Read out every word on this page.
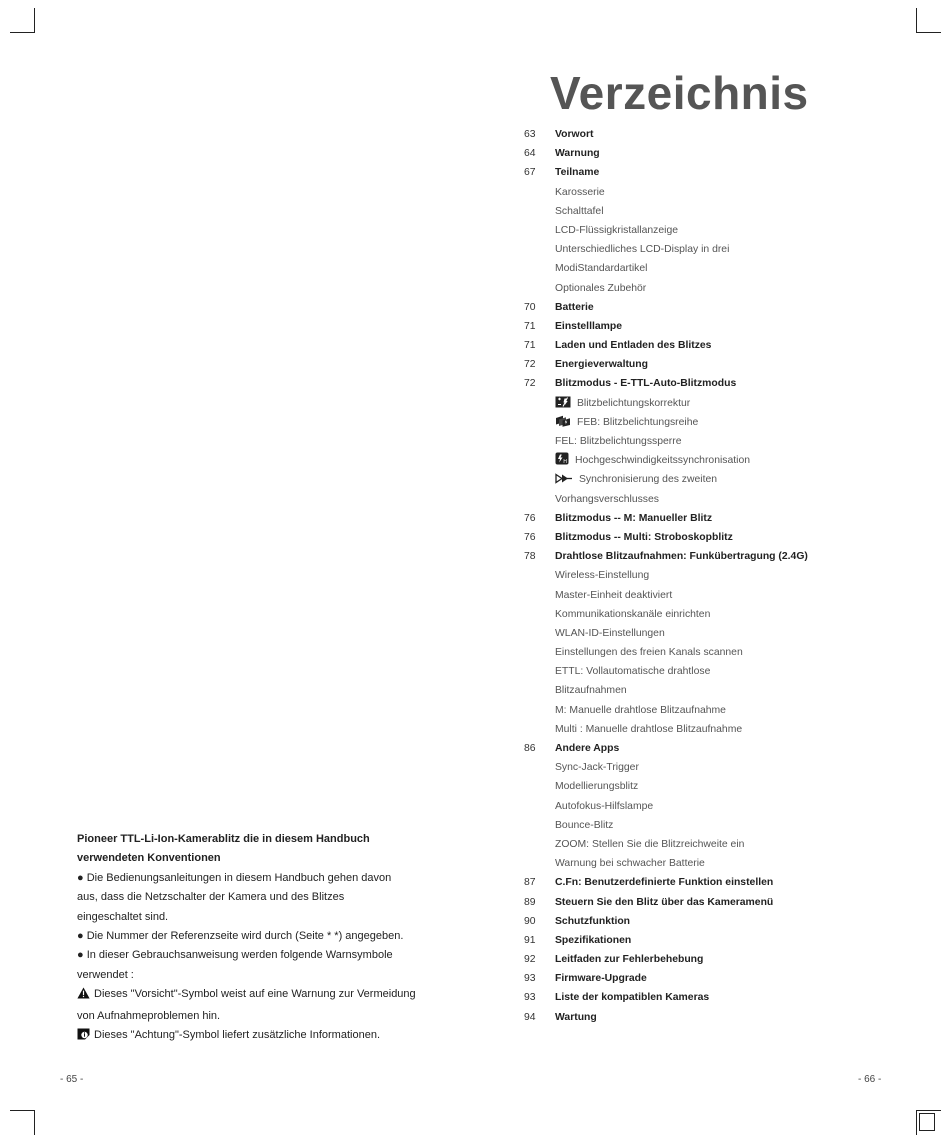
Verzeichnis
63	Vorwort
64	Warnung
67	Teilname
Karosserie
Schalttafel
LCD-Flüssigkristallanzeige
Unterschiedliches LCD-Display in drei
ModiStandardartikel
Optionales Zubehör
70	Batterie
71	Einstelllampe
71	Laden und Entladen des Blitzes
72	Energieverwaltung
72	Blitzmodus - E-TTL-Auto-Blitzmodus
Blitzbelichtungskorrektur
FEB: Blitzbelichtungsreihe
FEL: Blitzbelichtungssperre
H Hochgeschwindigkeitssynchronisation
Synchronisierung des zweiten
Vorhangsverschlusses
76	Blitzmodus -- M: Manueller Blitz
76	Blitzmodus -- Multi: Stroboskopblitz
78	Drahtlose Blitzaufnahmen: Funkübertragung (2.4G)
Wireless-Einstellung
Master-Einheit deaktiviert
Kommunikationskanäle einrichten
WLAN-ID-Einstellungen
Einstellungen des freien Kanals scannen
ETTL: Vollautomatische drahtlose
Blitzaufnahmen
M: Manuelle drahtlose Blitzaufnahme
Multi : Manuelle drahtlose Blitzaufnahme
86	Andere Apps
Sync-Jack-Trigger
Modellierungsblitz
Autofokus-Hilfslampe
Bounce-Blitz
ZOOM: Stellen Sie die Blitzreichweite ein
Warnung bei schwacher Batterie
87	C.Fn: Benutzerdefinierte Funktion einstellen
89	Steuern Sie den Blitz über das Kameramenü
90	Schutzfunktion
91	Spezifikationen
92	Leitfaden zur Fehlerbehebung
93	Firmware-Upgrade
93	Liste der kompatiblen Kameras
94	Wartung
Pioneer TTL-Li-Ion-Kamerablitz die in diesem Handbuch
verwendeten Konventionen
● Die Bedienungsanleitungen in diesem Handbuch gehen davon
aus, dass die Netzschalter der Kamera und des Blitzes
eingeschaltet sind.
● Die Nummer der Referenzseite wird durch (Seite * *) angegeben.
● In dieser Gebrauchsanweisung werden folgende Warnsymbole
verwendet :
Dieses "Vorsicht"-Symbol weist auf eine Warnung zur Vermeidung
von Aufnahmeproblemen hin.
Dieses "Achtung"-Symbol liefert zusätzliche Informationen.
- 65 -	- 66 -
